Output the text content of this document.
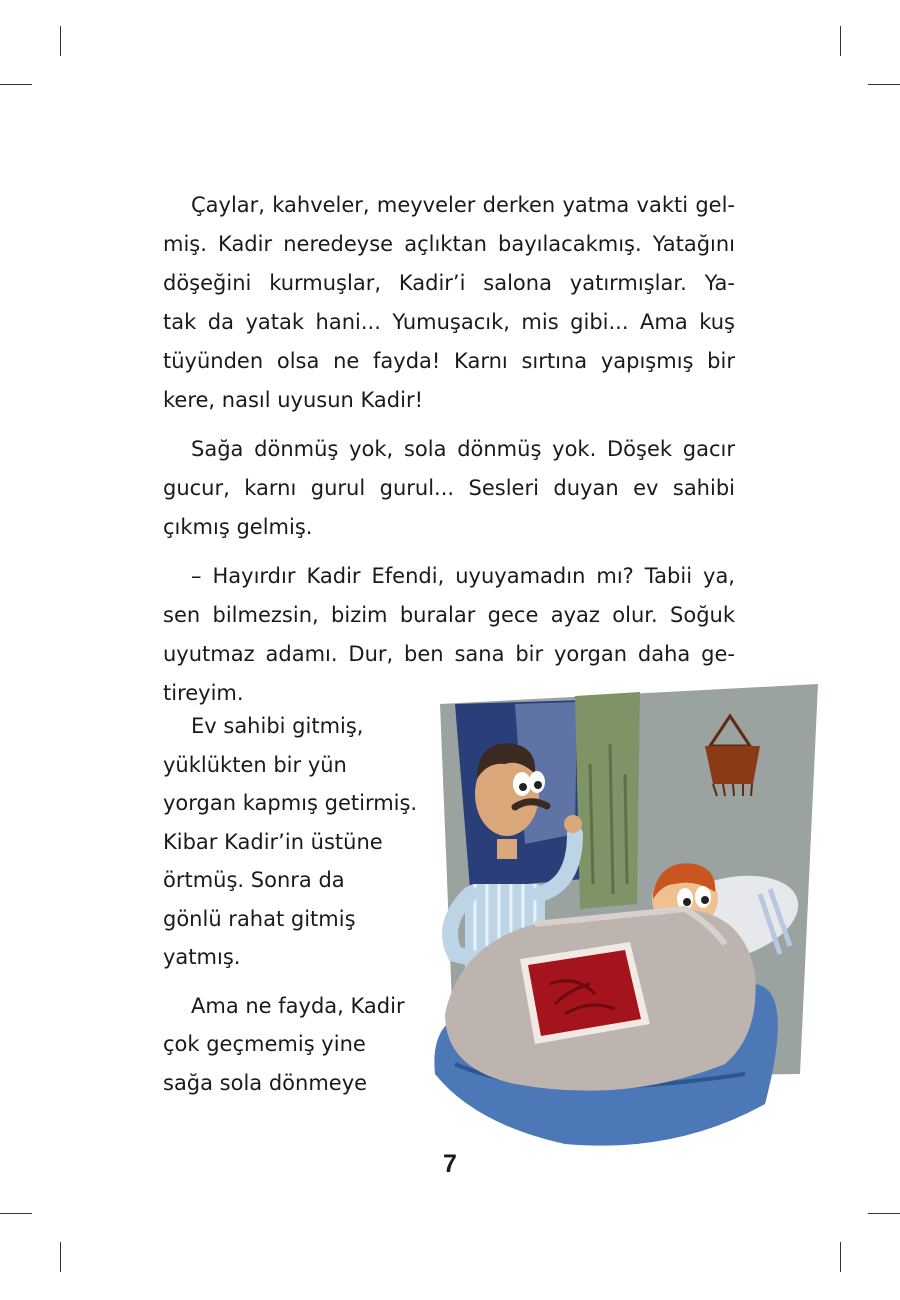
Çaylar, kahveler, meyveler derken yatma vakti gel-
miş. Kadir neredeyse açlıktan bayılacakmış. Yatağını
döşeğini kurmuşlar, Kadir’i salona yatırmışlar. Ya-
tak da yatak hani... Yumuşacık, mis gibi... Ama kuş
tüyünden olsa ne fayda! Karnı sırtına yapışmış bir
kere, nasıl uyusun Kadir!
Sağa dönmüş yok, sola dönmüş yok. Döşek gacır
gucur, karnı gurul gurul... Sesleri duyan ev sahibi
çıkmış gelmiş.
– Hayırdır Kadir Efendi, uyuyamadın mı? Tabii ya,
sen bilmezsin, bizim buralar gece ayaz olur. Soğuk
uyutmaz adamı. Dur, ben sana bir yorgan daha ge-
tireyim.
Ev sahibi gitmiş,
yüklükten bir yün
yorgan kapmış getirmiş.
Kibar Kadir’in üstüne
örtmüş. Sonra da
gönlü rahat gitmiş
yatmış.
Ama ne fayda, Kadir
çok geçmemiş yine
sağa sola dönmeye
7
